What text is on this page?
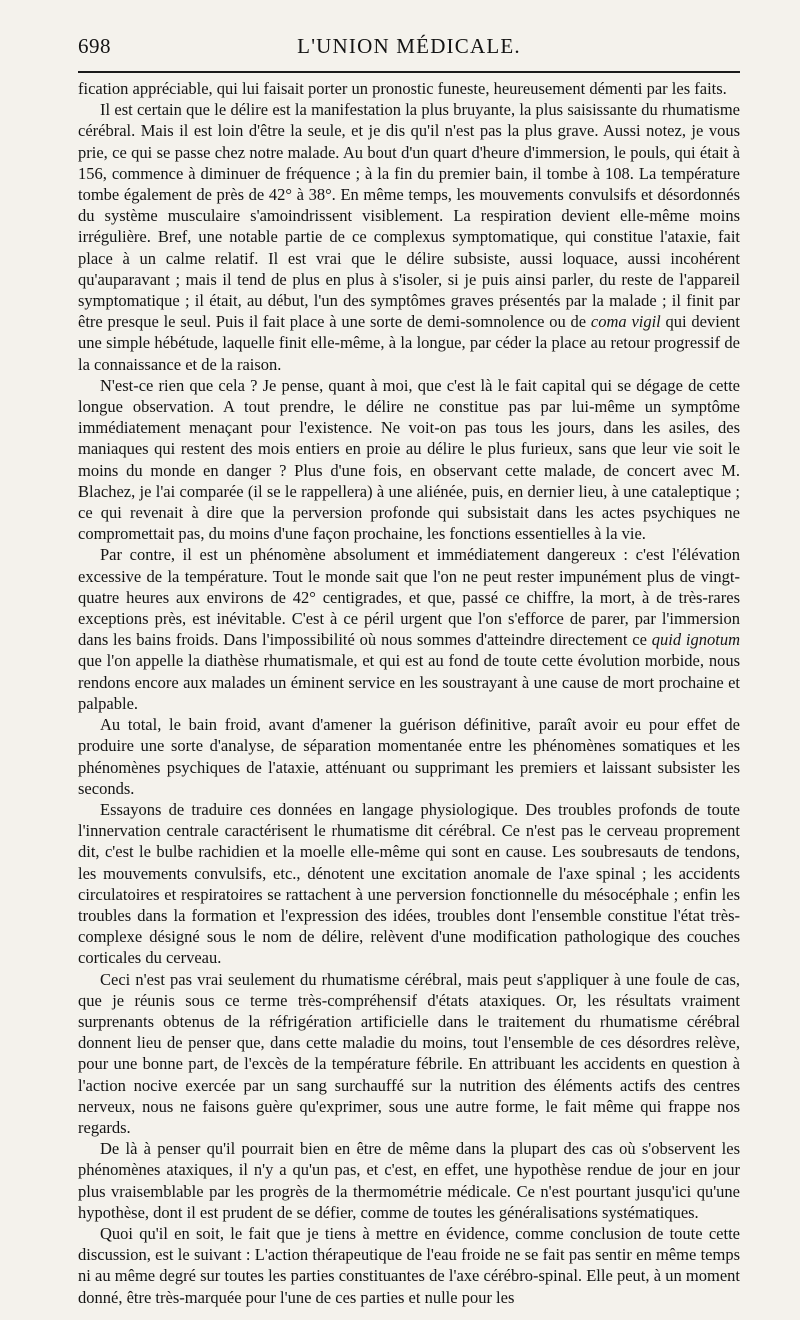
698	L'UNION MÉDICALE.

fication appréciable, qui lui faisait porter un pronostic funeste, heureusement démenti par les faits.

Il est certain que le délire est la manifestation la plus bruyante, la plus saisissante du rhumatisme cérébral. Mais il est loin d'être la seule, et je dis qu'il n'est pas la plus grave. Aussi notez, je vous prie, ce qui se passe chez notre malade. Au bout d'un quart d'heure d'immersion, le pouls, qui était à 156, commence à diminuer de fréquence ; à la fin du premier bain, il tombe à 108. La température tombe également de près de 42° à 38°. En même temps, les mouvements convulsifs et désordonnés du système musculaire s'amoindrissent visiblement. La respiration devient elle-même moins irrégulière. Bref, une notable partie de ce complexus symptomatique, qui constitue l'ataxie, fait place à un calme relatif. Il est vrai que le délire subsiste, aussi loquace, aussi incohérent qu'auparavant ; mais il tend de plus en plus à s'isoler, si je puis ainsi parler, du reste de l'appareil symptomatique ; il était, au début, l'un des symptômes graves présentés par la malade ; il finit par être presque le seul. Puis il fait place à une sorte de demi-somnolence ou de coma vigil qui devient une simple hébétude, laquelle finit elle-même, à la longue, par céder la place au retour progressif de la connaissance et de la raison.

N'est-ce rien que cela ? Je pense, quant à moi, que c'est là le fait capital qui se dégage de cette longue observation. A tout prendre, le délire ne constitue pas par lui-même un symptôme immédiatement menaçant pour l'existence. Ne voit-on pas tous les jours, dans les asiles, des maniaques qui restent des mois entiers en proie au délire le plus furieux, sans que leur vie soit le moins du monde en danger ? Plus d'une fois, en observant cette malade, de concert avec M. Blachez, je l'ai comparée (il se le rappellera) à une aliénée, puis, en dernier lieu, à une cataleptique ; ce qui revenait à dire que la perversion profonde qui subsistait dans les actes psychiques ne compromettait pas, du moins d'une façon prochaine, les fonctions essentielles à la vie.

Par contre, il est un phénomène absolument et immédiatement dangereux : c'est l'élévation excessive de la température. Tout le monde sait que l'on ne peut rester impunément plus de vingt-quatre heures aux environs de 42° centigrades, et que, passé ce chiffre, la mort, à de très-rares exceptions près, est inévitable. C'est à ce péril urgent que l'on s'efforce de parer, par l'immersion dans les bains froids. Dans l'impossibilité où nous sommes d'atteindre directement ce quid ignotum que l'on appelle la diathèse rhumatismale, et qui est au fond de toute cette évolution morbide, nous rendons encore aux malades un éminent service en les soustrayant à une cause de mort prochaine et palpable.

Au total, le bain froid, avant d'amener la guérison définitive, paraît avoir eu pour effet de produire une sorte d'analyse, de séparation momentanée entre les phénomènes somatiques et les phénomènes psychiques de l'ataxie, atténuant ou supprimant les premiers et laissant subsister les seconds.

Essayons de traduire ces données en langage physiologique. Des troubles profonds de toute l'innervation centrale caractérisent le rhumatisme dit cérébral. Ce n'est pas le cerveau proprement dit, c'est le bulbe rachidien et la moelle elle-même qui sont en cause. Les soubresauts de tendons, les mouvements convulsifs, etc., dénotent une excitation anomale de l'axe spinal ; les accidents circulatoires et respiratoires se rattachent à une perversion fonctionnelle du mésocéphale ; enfin les troubles dans la formation et l'expression des idées, troubles dont l'ensemble constitue l'état très-complexe désigné sous le nom de délire, relèvent d'une modification pathologique des couches corticales du cerveau.

Ceci n'est pas vrai seulement du rhumatisme cérébral, mais peut s'appliquer à une foule de cas, que je réunis sous ce terme très-compréhensif d'états ataxiques. Or, les résultats vraiment surprenants obtenus de la réfrigération artificielle dans le traitement du rhumatisme cérébral donnent lieu de penser que, dans cette maladie du moins, tout l'ensemble de ces désordres relève, pour une bonne part, de l'excès de la température fébrile. En attribuant les accidents en question à l'action nocive exercée par un sang surchauffé sur la nutrition des éléments actifs des centres nerveux, nous ne faisons guère qu'exprimer, sous une autre forme, le fait même qui frappe nos regards.

De là à penser qu'il pourrait bien en être de même dans la plupart des cas où s'observent les phénomènes ataxiques, il n'y a qu'un pas, et c'est, en effet, une hypothèse rendue de jour en jour plus vraisemblable par les progrès de la thermométrie médicale. Ce n'est pourtant jusqu'ici qu'une hypothèse, dont il est prudent de se défier, comme de toutes les généralisations systématiques.

Quoi qu'il en soit, le fait que je tiens à mettre en évidence, comme conclusion de toute cette discussion, est le suivant : L'action thérapeutique de l'eau froide ne se fait pas sentir en même temps ni au même degré sur toutes les parties constituantes de l'axe cérébro-spinal. Elle peut, à un moment donné, être très-marquée pour l'une de ces parties et nulle pour les
